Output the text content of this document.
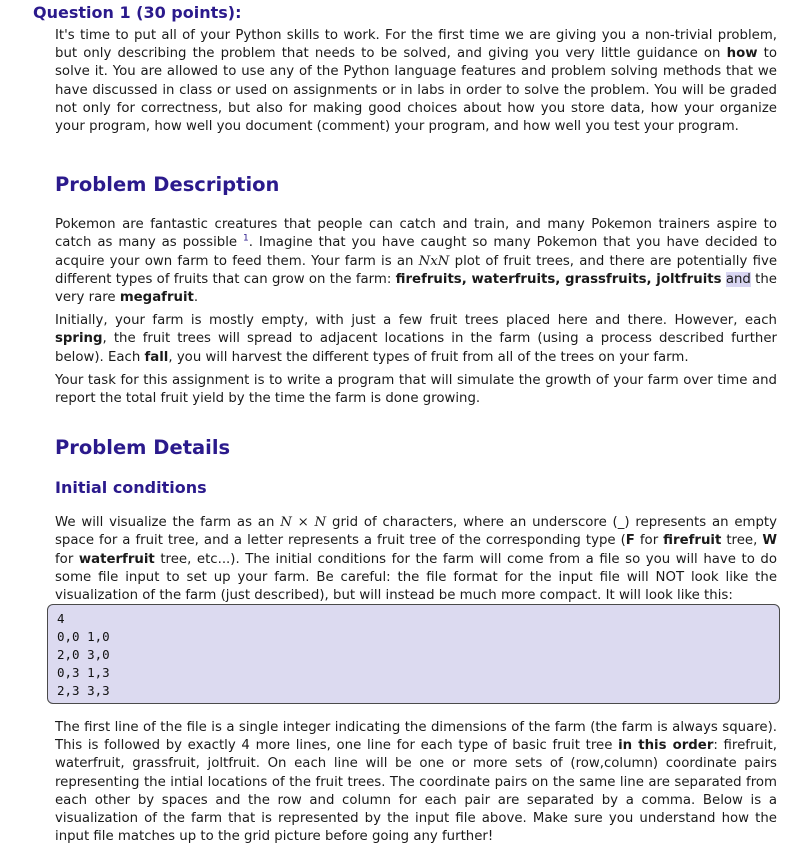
Question 1 (30 points):

It's time to put all of your Python skills to work. For the first time we are giving you a non-trivial problem, but only describing the problem that needs to be solved, and giving you very little guidance on how to solve it. You are allowed to use any of the Python language features and problem solving methods that we have discussed in class or used on assignments or in labs in order to solve the problem. You will be graded not only for correctness, but also for making good choices about how you store data, how your organize your program, how well you document (comment) your program, and how well you test your program.

Problem Description

Pokemon are fantastic creatures that people can catch and train, and many Pokemon trainers aspire to catch as many as possible $^1$. Imagine that you have caught so many Pokemon that you have decided to acquire your own farm to feed them. Your farm is an NxN plot of fruit trees, and there are potentially five different types of fruits that can grow on the farm: firefruits, waterfruits, grassfruits, joltfruits and the very rare megafruit.

Initially, your farm is mostly empty, with just a few fruit trees placed here and there. However, each spring, the fruit trees will spread to adjacent locations in the farm (using a process described further below). Each fall, you will harvest the different types of fruit from all of the trees on your farm.

Your task for this assignment is to write a program that will simulate the growth of your farm over time and report the total fruit yield by the time the farm is done growing.

Problem Details
Initial conditions

We will visualize the farm as an N × N grid of characters, where an underscore (_) represents an empty space for a fruit tree, and a letter represents a fruit tree of the corresponding type (F for firefruit tree, W for waterfruit tree, etc...). The initial conditions for the farm will come from a file so you will have to do some file input to set up your farm. Be careful: the file format for the input file will NOT look like the visualization of the farm (just described), but will instead be much more compact. It will look like this:

4
0,0 1,0
2,0 3,0
0,3 1,3
2,3 3,3

The first line of the file is a single integer indicating the dimensions of the farm (the farm is always square). This is followed by exactly 4 more lines, one line for each type of basic fruit tree in this order: firefruit, waterfruit, grassfruit, joltfruit. On each line will be one or more sets of (row,column) coordinate pairs representing the intial locations of the fruit trees. The coordinate pairs on the same line are separated from each other by spaces and the row and column for each pair are separated by a comma. Below is a visualization of the farm that is represented by the input file above. Make sure you understand how the input file matches up to the grid picture before going any further!
